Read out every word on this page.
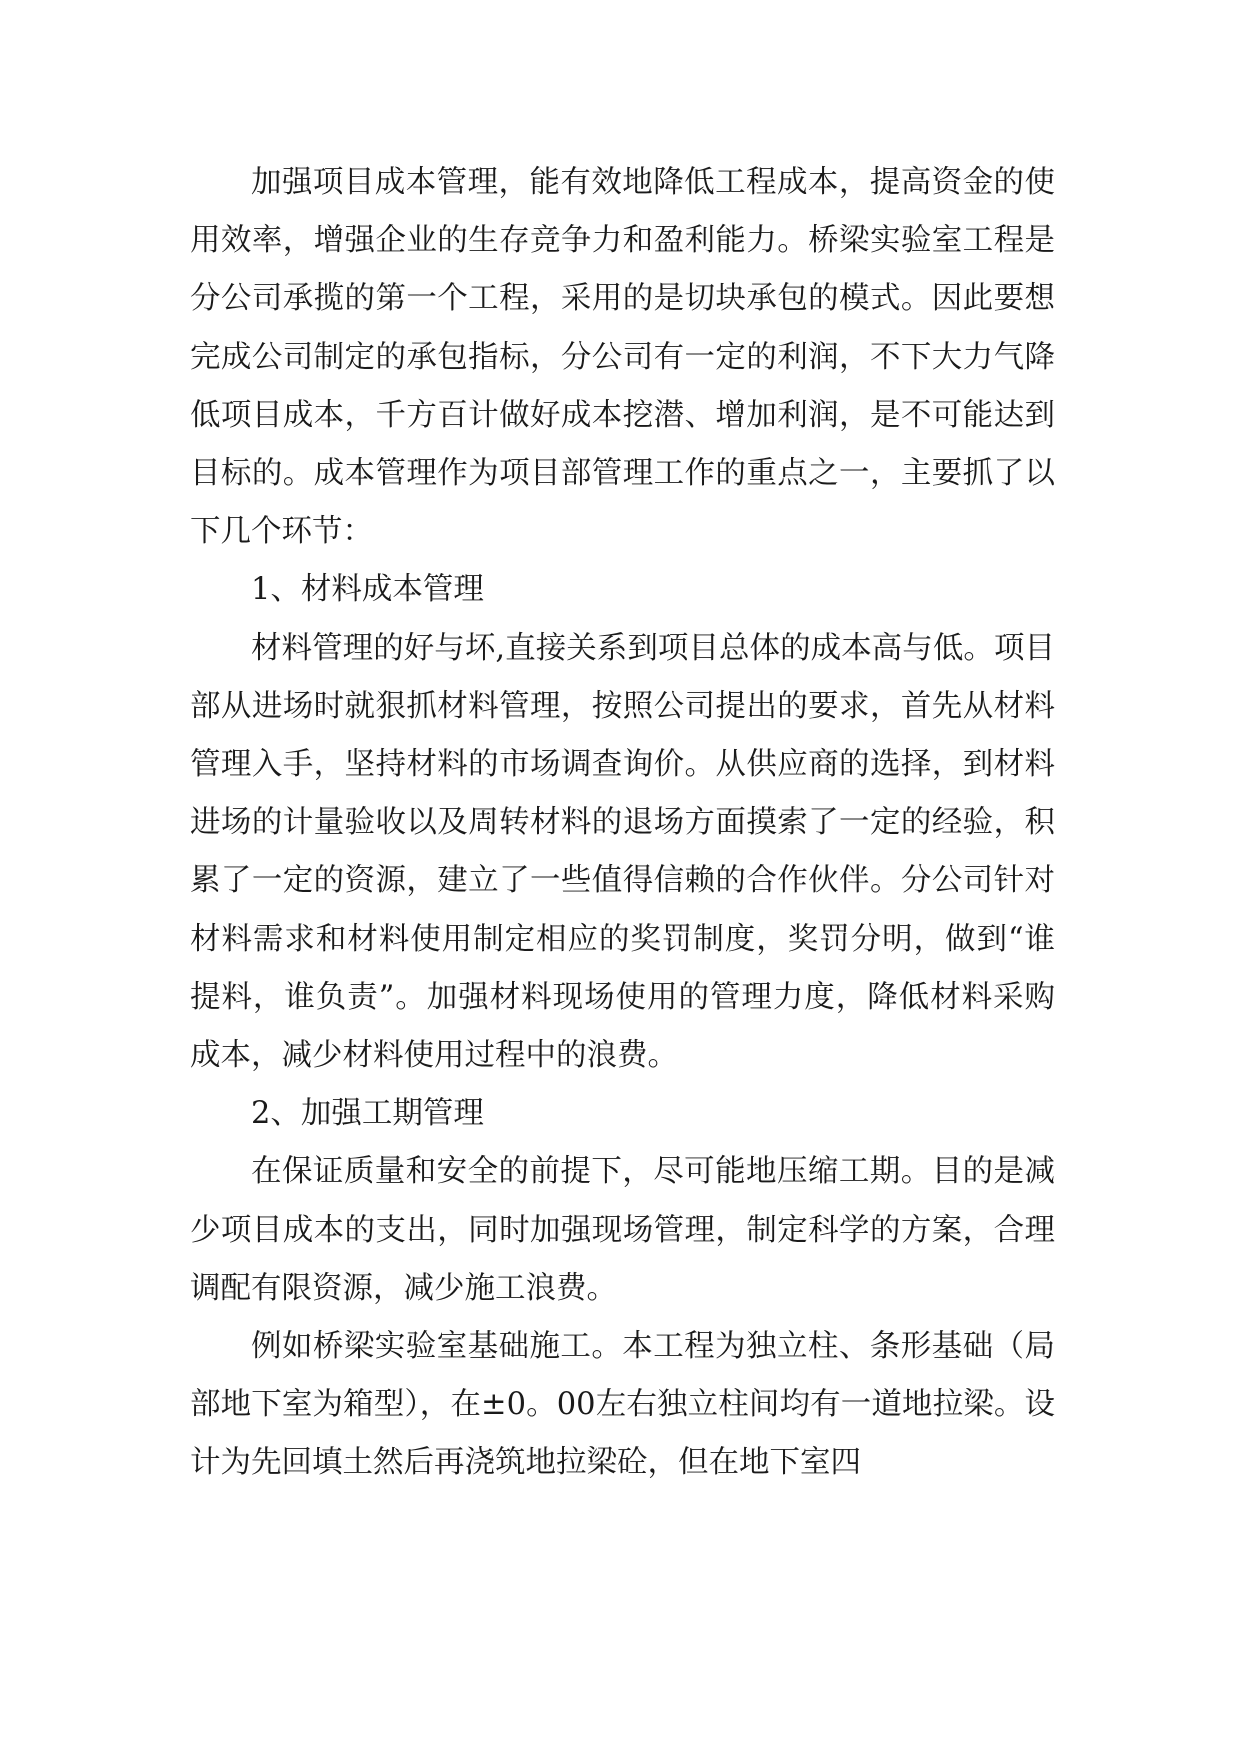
加强项目成本管理，能有效地降低工程成本，提高资金的使用效率，增强企业的生存竞争力和盈利能力。桥梁实验室工程是分公司承揽的第一个工程，采用的是切块承包的模式。因此要想完成公司制定的承包指标，分公司有一定的利润，不下大力气降低项目成本，千方百计做好成本挖潜、增加利润，是不可能达到目标的。成本管理作为项目部管理工作的重点之一，主要抓了以下几个环节：

1、材料成本管理

材料管理的好与坏,直接关系到项目总体的成本高与低。项目部从进场时就狠抓材料管理，按照公司提出的要求，首先从材料管理入手，坚持材料的市场调查询价。从供应商的选择，到材料进场的计量验收以及周转材料的退场方面摸索了一定的经验，积累了一定的资源，建立了一些值得信赖的合作伙伴。分公司针对材料需求和材料使用制定相应的奖罚制度，奖罚分明，做到“谁提料，谁负责”。加强材料现场使用的管理力度，降低材料采购成本，减少材料使用过程中的浪费。

2、加强工期管理

在保证质量和安全的前提下，尽可能地压缩工期。目的是减少项目成本的支出，同时加强现场管理，制定科学的方案，合理调配有限资源，减少施工浪费。

例如桥梁实验室基础施工。本工程为独立柱、条形基础（局部地下室为箱型），在±0。00左右独立柱间均有一道地拉梁。设计为先回填土然后再浇筑地拉梁砼，但在地下室四
